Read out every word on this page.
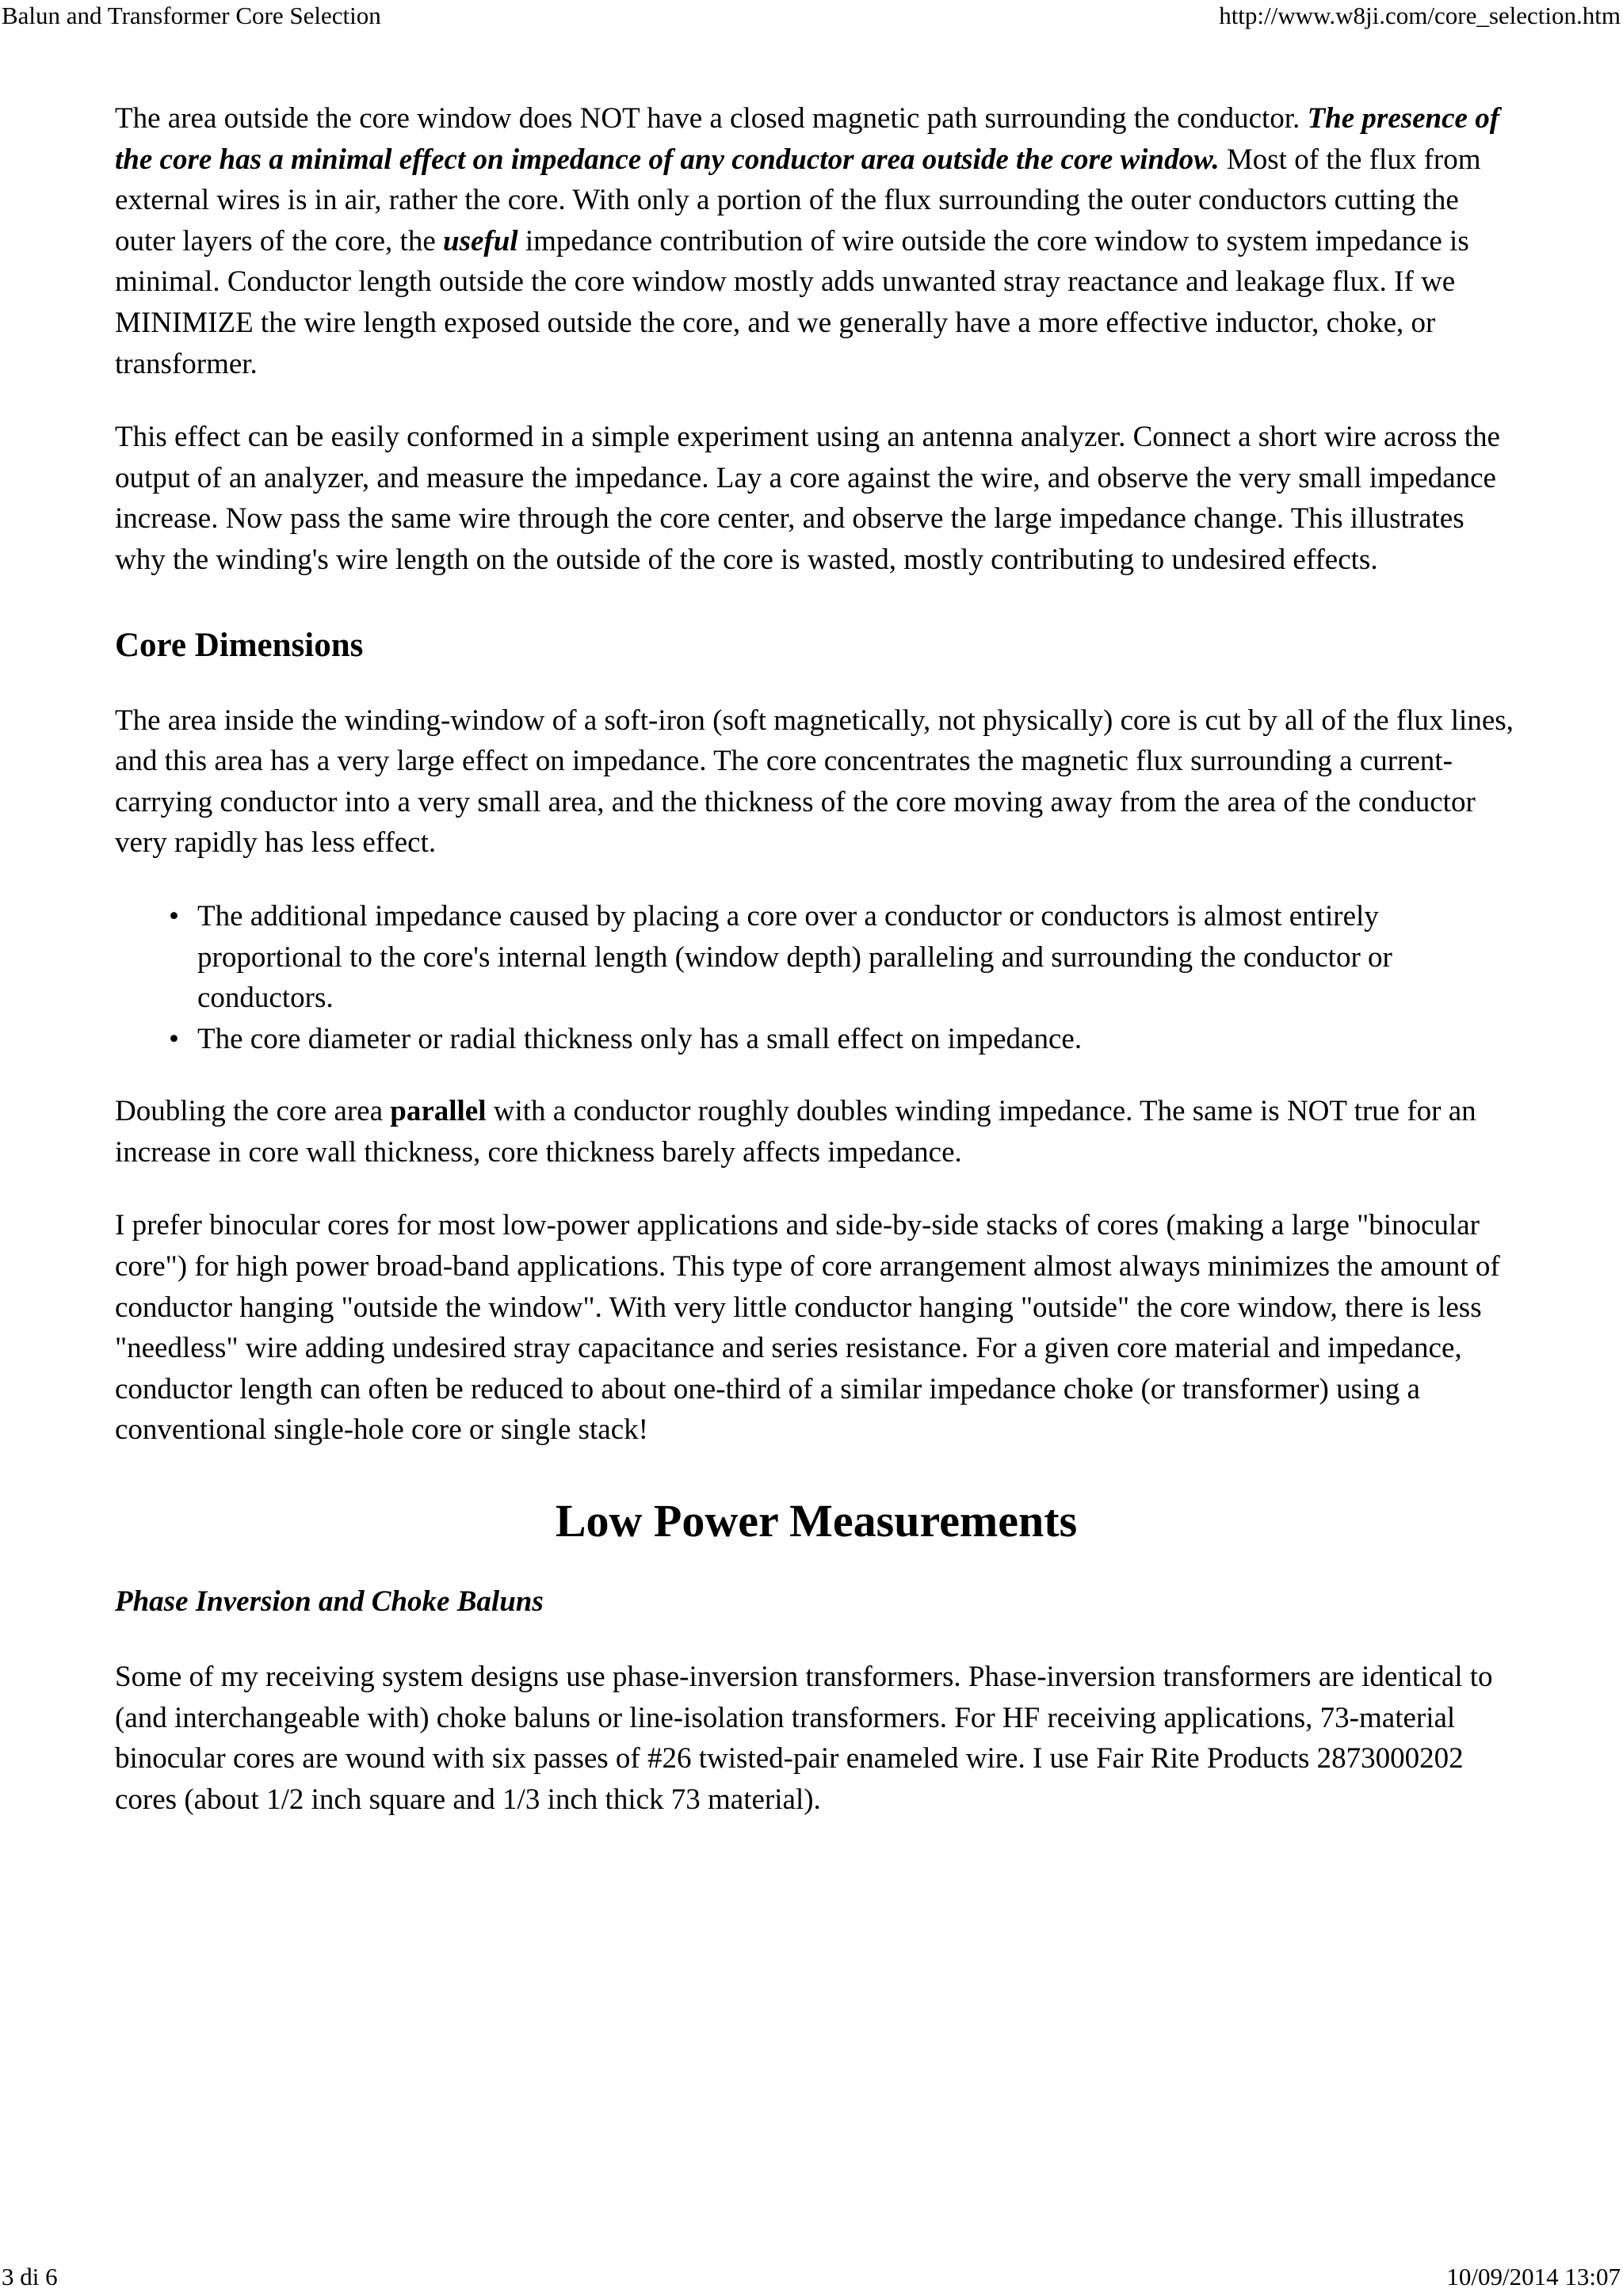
Balun and Transformer Core Selection	http://www.w8ji.com/core_selection.htm

The area outside the core window does NOT have a closed magnetic path surrounding the conductor. The presence of the core has a minimal effect on impedance of any conductor area outside the core window. Most of the flux from external wires is in air, rather the core. With only a portion of the flux surrounding the outer conductors cutting the outer layers of the core, the useful impedance contribution of wire outside the core window to system impedance is minimal. Conductor length outside the core window mostly adds unwanted stray reactance and leakage flux. If we MINIMIZE the wire length exposed outside the core, and we generally have a more effective inductor, choke, or transformer.

This effect can be easily conformed in a simple experiment using an antenna analyzer. Connect a short wire across the output of an analyzer, and measure the impedance. Lay a core against the wire, and observe the very small impedance increase. Now pass the same wire through the core center, and observe the large impedance change. This illustrates why the winding's wire length on the outside of the core is wasted, mostly contributing to undesired effects.

Core Dimensions

The area inside the winding-window of a soft-iron (soft magnetically, not physically) core is cut by all of the flux lines, and this area has a very large effect on impedance. The core concentrates the magnetic flux surrounding a current-carrying conductor into a very small area, and the thickness of the core moving away from the area of the conductor very rapidly has less effect.

• The additional impedance caused by placing a core over a conductor or conductors is almost entirely proportional to the core's internal length (window depth) paralleling and surrounding the conductor or conductors.
• The core diameter or radial thickness only has a small effect on impedance.

Doubling the core area parallel with a conductor roughly doubles winding impedance. The same is NOT true for an increase in core wall thickness, core thickness barely affects impedance.

I prefer binocular cores for most low-power applications and side-by-side stacks of cores (making a large "binocular core") for high power broad-band applications. This type of core arrangement almost always minimizes the amount of conductor hanging "outside the window". With very little conductor hanging "outside" the core window, there is less "needless" wire adding undesired stray capacitance and series resistance. For a given core material and impedance, conductor length can often be reduced to about one-third of a similar impedance choke (or transformer) using a conventional single-hole core or single stack!

Low Power Measurements
Phase Inversion and Choke Baluns

Some of my receiving system designs use phase-inversion transformers. Phase-inversion transformers are identical to (and interchangeable with) choke baluns or line-isolation transformers. For HF receiving applications, 73-material binocular cores are wound with six passes of #26 twisted-pair enameled wire. I use Fair Rite Products 2873000202 cores (about 1/2 inch square and 1/3 inch thick 73 material).

3 di 6	10/09/2014 13:07
